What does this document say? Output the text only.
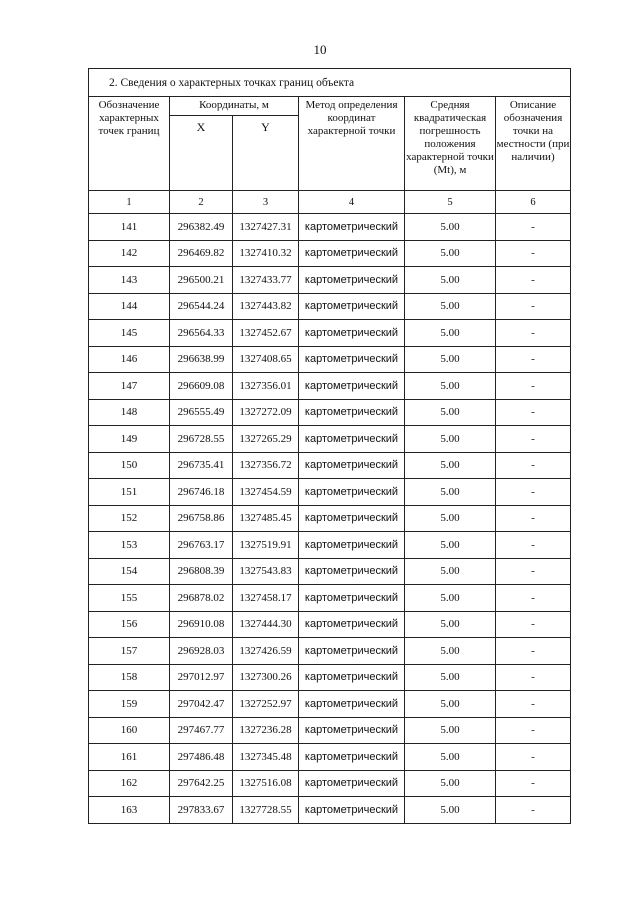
10
2. Сведения о характерных точках границ объекта					
Обозначение характерных точек границ	Координаты, м		Метод определения координат характерной точки	Средняя квадратическая погрешность положения характерной точки (Mt), м	Описание обозначения точки на местности (при наличии)
	X	Y			
1	2	3	4	5	6
141	296382.49	1327427.31	картометрический	5.00	-
142	296469.82	1327410.32	картометрический	5.00	-
143	296500.21	1327433.77	картометрический	5.00	-
144	296544.24	1327443.82	картометрический	5.00	-
145	296564.33	1327452.67	картометрический	5.00	-
146	296638.99	1327408.65	картометрический	5.00	-
147	296609.08	1327356.01	картометрический	5.00	-
148	296555.49	1327272.09	картометрический	5.00	-
149	296728.55	1327265.29	картометрический	5.00	-
150	296735.41	1327356.72	картометрический	5.00	-
151	296746.18	1327454.59	картометрический	5.00	-
152	296758.86	1327485.45	картометрический	5.00	-
153	296763.17	1327519.91	картометрический	5.00	-
154	296808.39	1327543.83	картометрический	5.00	-
155	296878.02	1327458.17	картометрический	5.00	-
156	296910.08	1327444.30	картометрический	5.00	-
157	296928.03	1327426.59	картометрический	5.00	-
158	297012.97	1327300.26	картометрический	5.00	-
159	297042.47	1327252.97	картометрический	5.00	-
160	297467.77	1327236.28	картометрический	5.00	-
161	297486.48	1327345.48	картометрический	5.00	-
162	297642.25	1327516.08	картометрический	5.00	-
163	297833.67	1327728.55	картометрический	5.00	-
